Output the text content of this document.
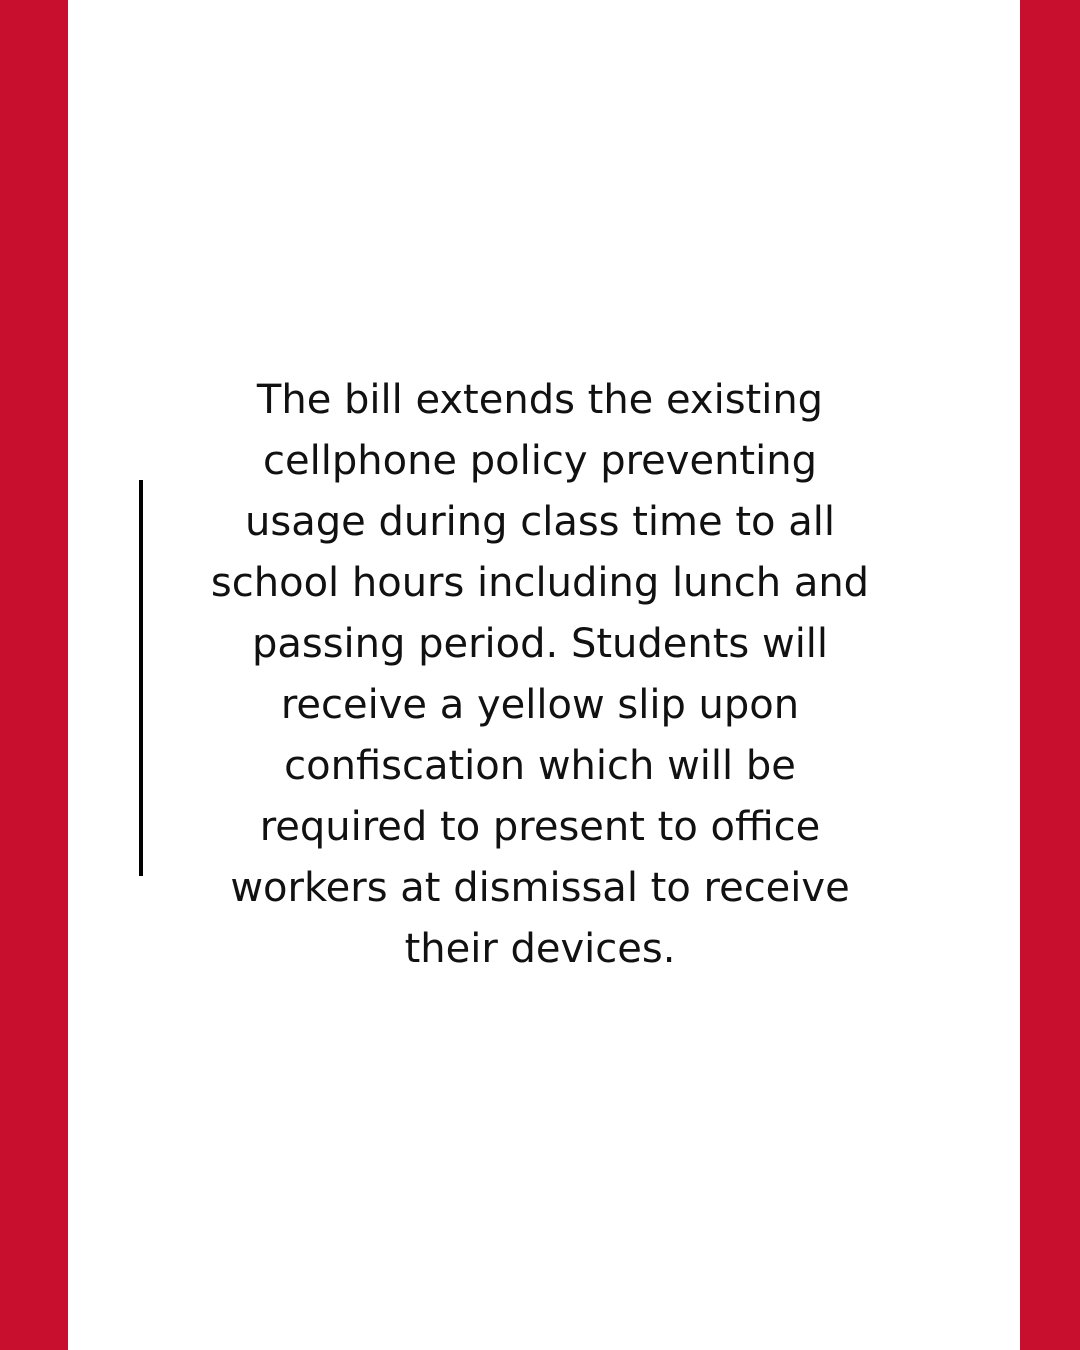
The bill extends the existing
cellphone policy preventing
usage during class time to all
school hours including lunch and
passing period. Students will
receive a yellow slip upon
confiscation which will be
required to present to office
workers at dismissal to receive
their devices.
